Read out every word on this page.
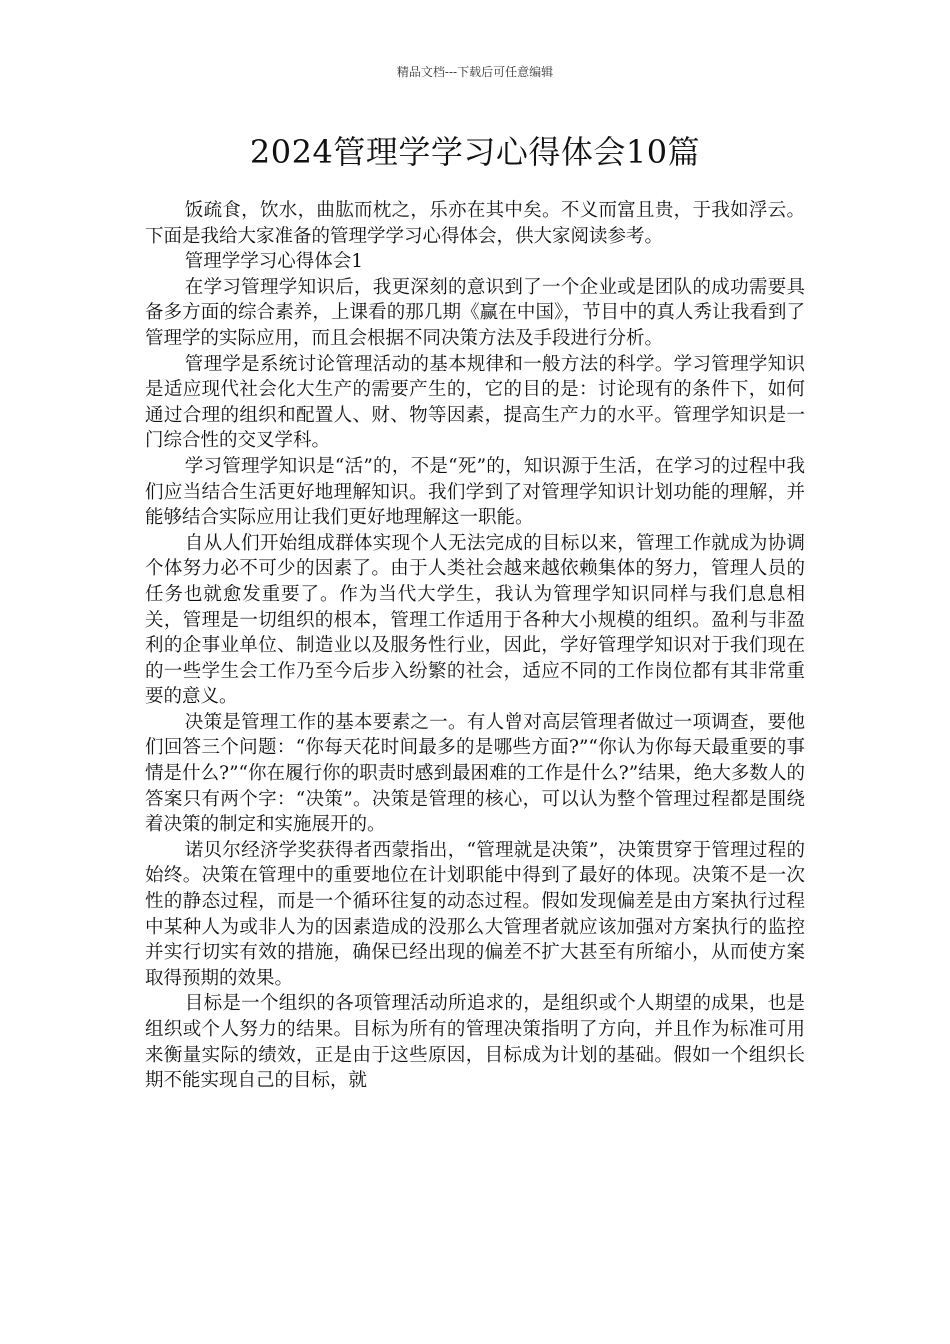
精品文档---下载后可任意编辑
2024管理学学习心得体会10篇

饭疏食，饮水，曲肱而枕之，乐亦在其中矣。不义而富且贵，于我如浮云。下面是我给大家准备的管理学学习心得体会，供大家阅读参考。

管理学学习心得体会1

在学习管理学知识后，我更深刻的意识到了一个企业或是团队的成功需要具备多方面的综合素养，上课看的那几期《赢在中国》，节目中的真人秀让我看到了管理学的实际应用，而且会根据不同决策方法及手段进行分析。

管理学是系统讨论管理活动的基本规律和一般方法的科学。学习管理学知识是适应现代社会化大生产的需要产生的，它的目的是：讨论现有的条件下，如何通过合理的组织和配置人、财、物等因素，提高生产力的水平。管理学知识是一门综合性的交叉学科。

学习管理学知识是“活”的，不是“死”的，知识源于生活，在学习的过程中我们应当结合生活更好地理解知识。我们学到了对管理学知识计划功能的理解，并能够结合实际应用让我们更好地理解这一职能。

自从人们开始组成群体实现个人无法完成的目标以来，管理工作就成为协调个体努力必不可少的因素了。由于人类社会越来越依赖集体的努力，管理人员的任务也就愈发重要了。作为当代大学生，我认为管理学知识同样与我们息息相关，管理是一切组织的根本，管理工作适用于各种大小规模的组织。盈利与非盈利的企事业单位、制造业以及服务性行业，因此，学好管理学知识对于我们现在的一些学生会工作乃至今后步入纷繁的社会，适应不同的工作岗位都有其非常重要的意义。

决策是管理工作的基本要素之一。有人曾对高层管理者做过一项调查，要他们回答三个问题：“你每天花时间最多的是哪些方面?”“你认为你每天最重要的事情是什么?”“你在履行你的职责时感到最困难的工作是什么?”结果，绝大多数人的答案只有两个字：“决策”。决策是管理的核心，可以认为整个管理过程都是围绕着决策的制定和实施展开的。

诺贝尔经济学奖获得者西蒙指出，“管理就是决策”，决策贯穿于管理过程的始终。决策在管理中的重要地位在计划职能中得到了最好的体现。决策不是一次性的静态过程，而是一个循环往复的动态过程。假如发现偏差是由方案执行过程中某种人为或非人为的因素造成的没那么大管理者就应该加强对方案执行的监控并实行切实有效的措施，确保已经出现的偏差不扩大甚至有所缩小，从而使方案取得预期的效果。

目标是一个组织的各项管理活动所追求的，是组织或个人期望的成果，也是组织或个人努力的结果。目标为所有的管理决策指明了方向，并且作为标准可用来衡量实际的绩效，正是由于这些原因，目标成为计划的基础。假如一个组织长期不能实现自己的目标，就
